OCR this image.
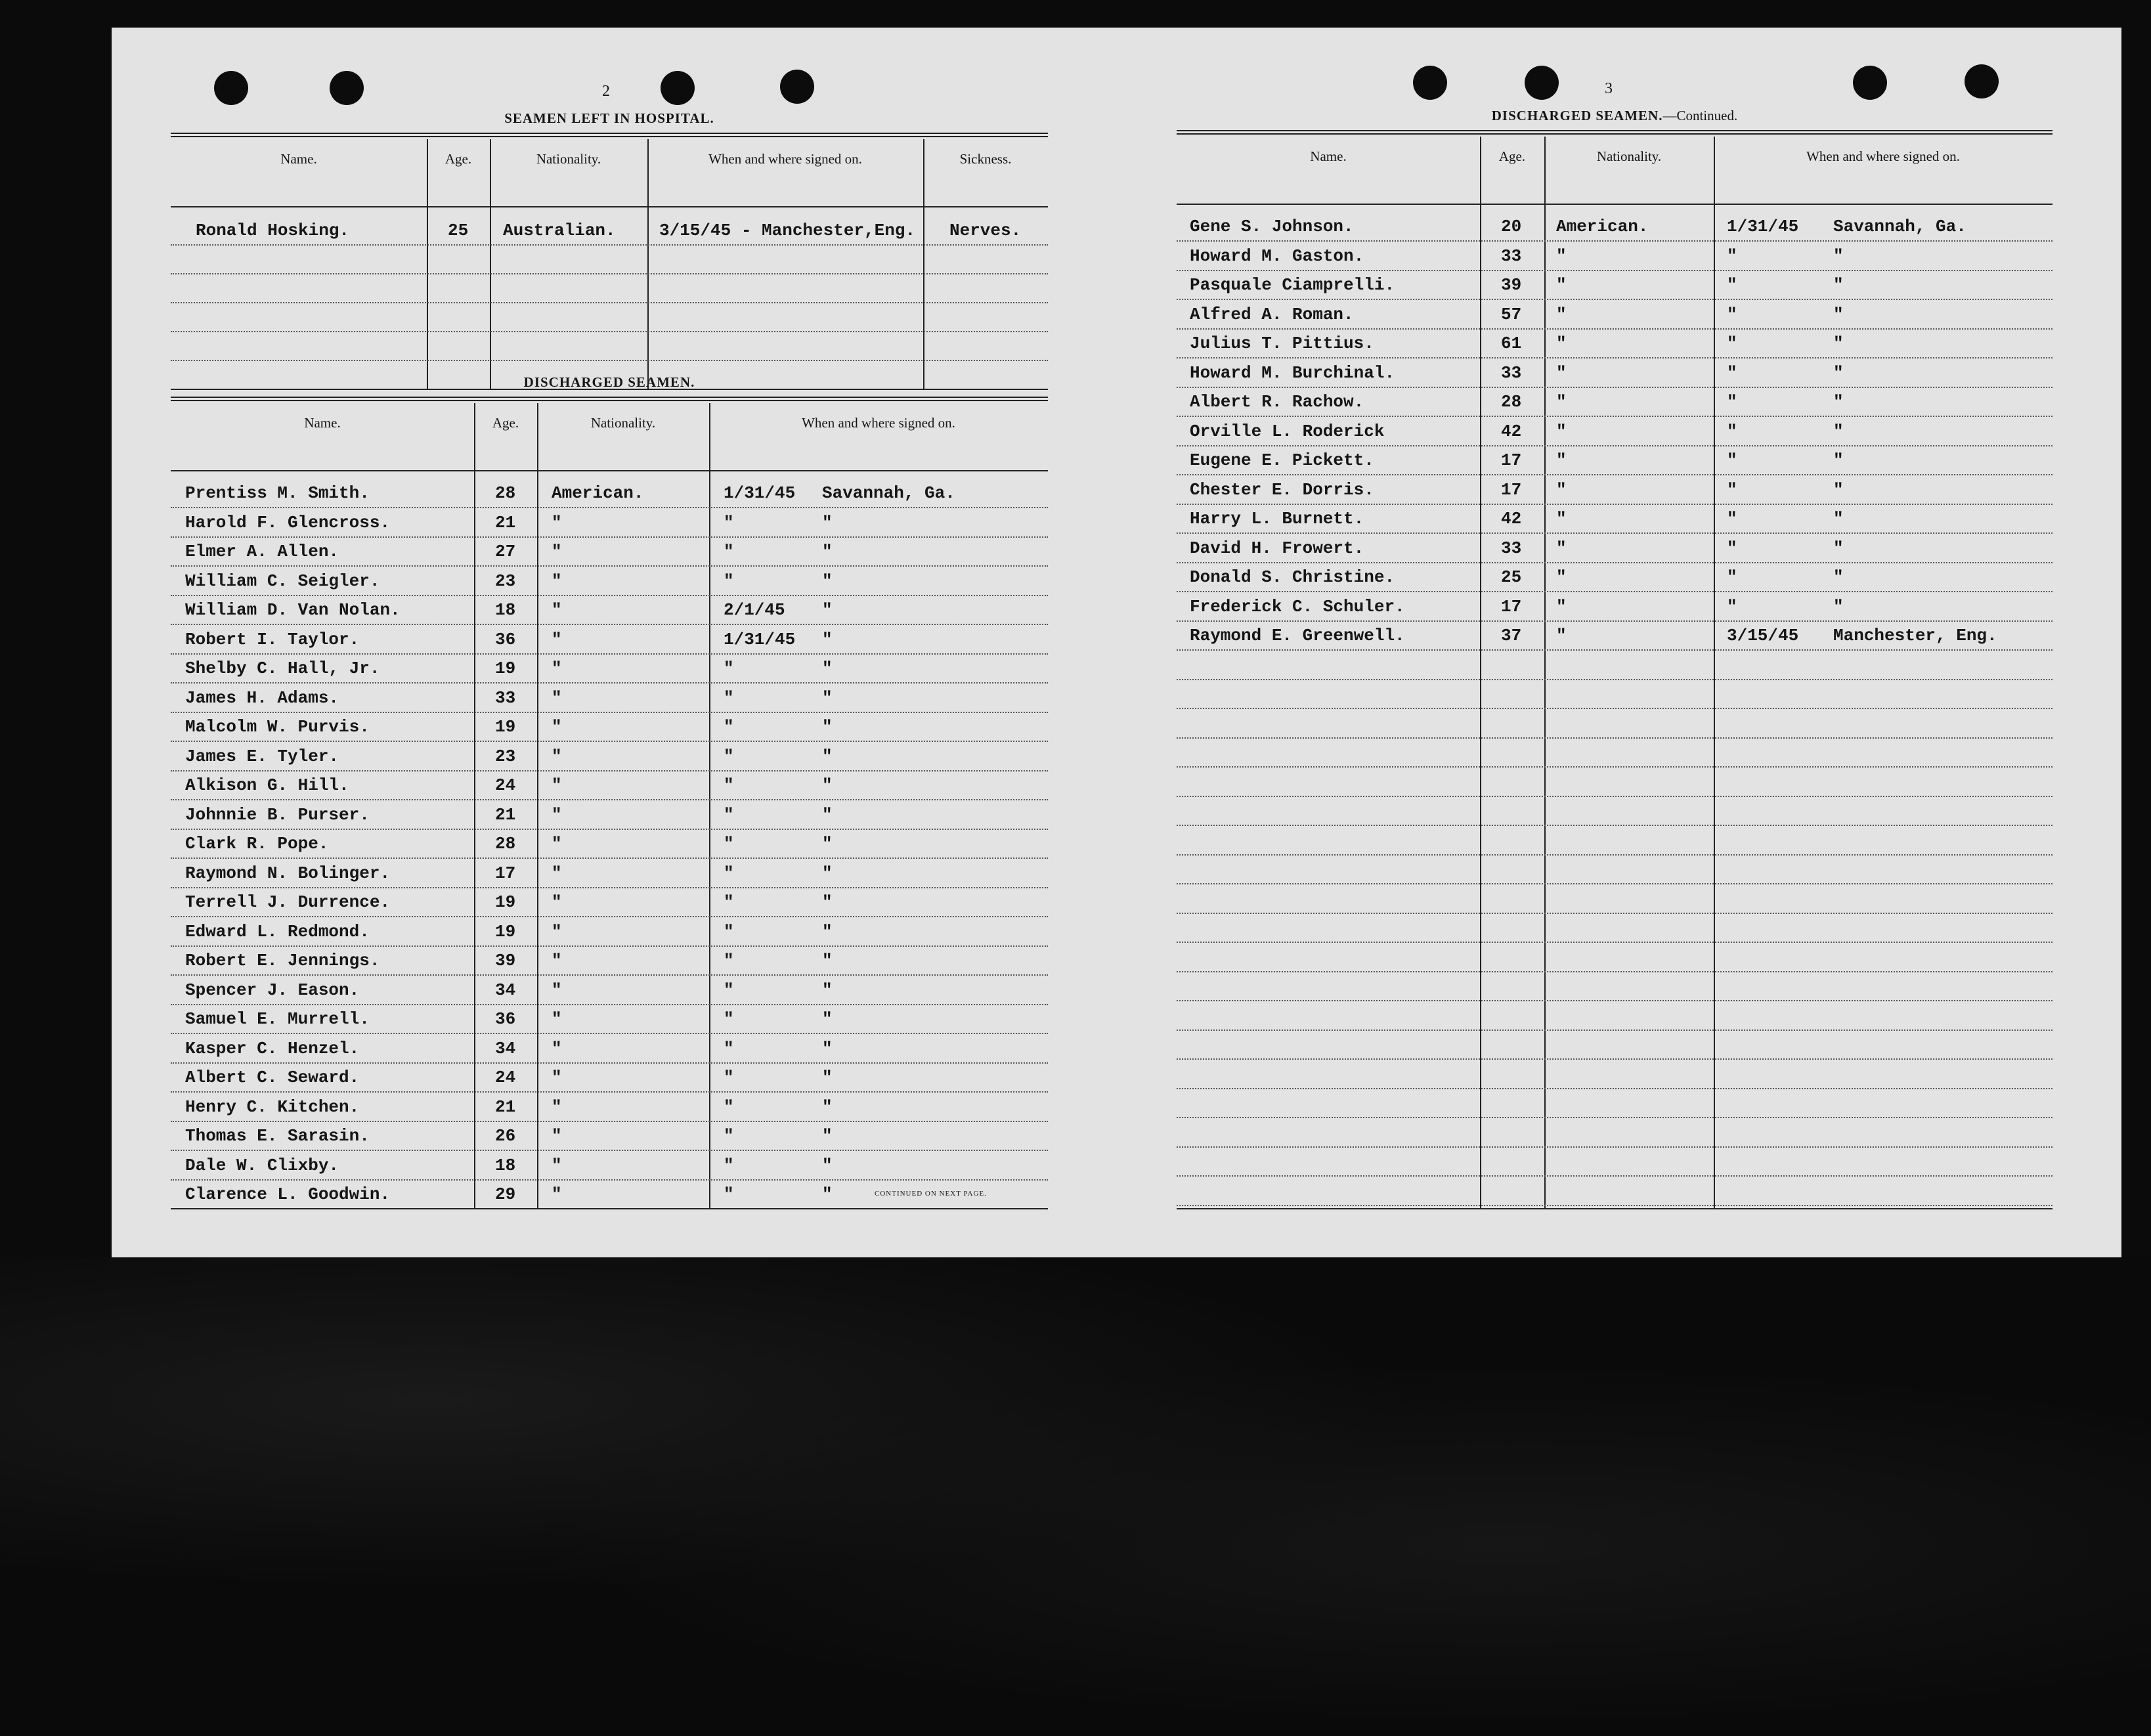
2
SEAMEN LEFT IN HOSPITAL.
Name.	Age.	Nationality.	When and where signed on.	Sickness.
Ronald Hosking.	25 Australian.	3/15/45 - Manchester,Eng. Nerves.
DISCHARGED SEAMEN.
Name.	Age.	Nationality.	When and where signed on.
Prentiss M. Smith.	28 American.	1/31/45 Savannah, Ga.
Harold F. Glencross.	21 "	"	"
Elmer A. Allen.	27 "	"	"
William C. Seigler.	23 "	"	"
William D. Van Nolan.	18 "	2/1/45 "
Robert I. Taylor.	36 "	1/31/45 "
Shelby C. Hall, Jr.	19 "	"	"
James H. Adams.	33 "	"	"
Malcolm W. Purvis.	19 "	"	"
James E. Tyler.	23 "	"	"
Alkison G. Hill.	24 "	"	"
Johnnie B. Purser.	21 "	"	"
Clark R. Pope.	28 "	"	"
Raymond N. Bolinger.	17 "	"	"
Terrell J. Durrence.	19 "	"	"
Edward L. Redmond.	19 "	"	"
Robert E. Jennings.	39 "	"	"
Spencer J. Eason.	34 "	"	"
Samuel E. Murrell.	36 "	"	"
Kasper C. Henzel.	34 "	"	"
Albert C. Seward.	24 "	"	"
Henry C. Kitchen.	21 "	"	"
Thomas E. Sarasin.	26 "	"	"
Dale W. Clixby.	18 "	"	"
Clarence L. Goodwin.	29 "	"	"	CONTINUED ON NEXT PAGE.
3
DISCHARGED SEAMEN.—Continued.
Name.	Age.	Nationality.	When and where signed on.
Gene S. Johnson.	20 American.	1/31/45 Savannah, Ga.
Howard M. Gaston.	33 "	"	"
Pasquale Ciamprelli.	39 "	"	"
Alfred A. Roman.	57 "	"	"
Julius T. Pittius.	61 "	"	"
Howard M. Burchinal.	33 "	"	"
Albert R. Rachow.	28 "	"	"
Orville L. Roderick	42 "	"	"
Eugene E. Pickett.	17 "	"	"
Chester E. Dorris.	17 "	"	"
Harry L. Burnett.	42 "	"	"
David H. Frowert.	33 "	"	"
Donald S. Christine.	25 "	"	"
Frederick C. Schuler.	17 "	"	"
Raymond E. Greenwell.	37 "	3/15/45 Manchester, Eng.
